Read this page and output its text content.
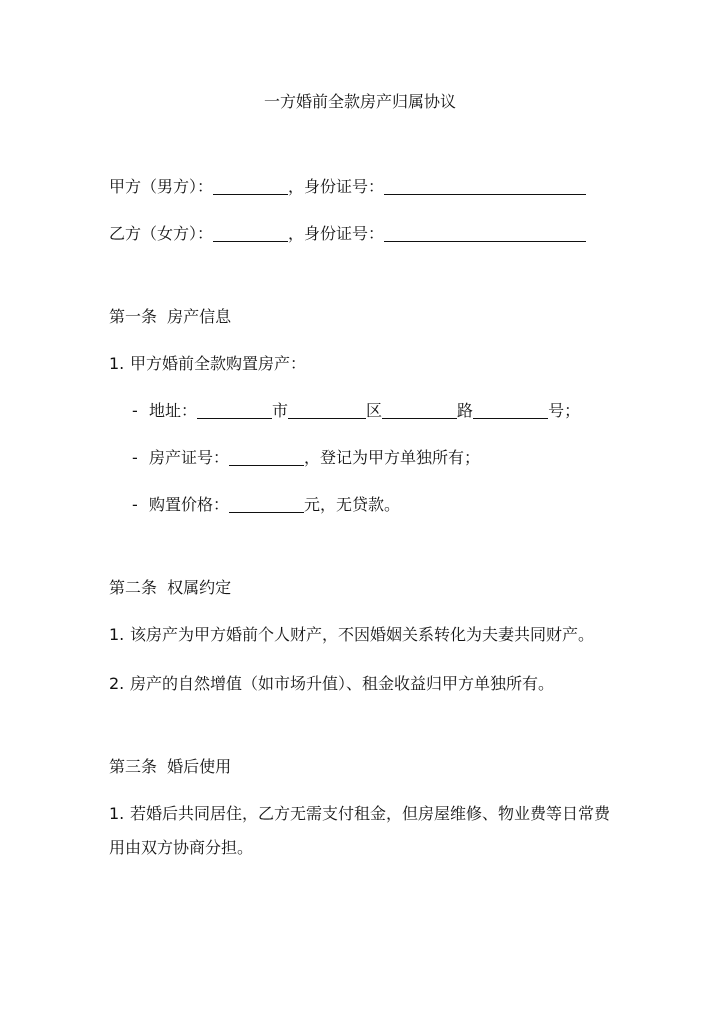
一方婚前全款房产归属协议
甲方（男方）：	，身份证号：
乙方（女方）：	，身份证号：
第一条  房产信息
1. 甲方婚前全款购置房产：
- 地址：	市	区	路	号；
- 房产证号：	，登记为甲方单独所有；
- 购置价格：	元，无贷款。
第二条  权属约定
1. 该房产为甲方婚前个人财产，不因婚姻关系转化为夫妻共同财产。
2. 房产的自然增值（如市场升值）、租金收益归甲方单独所有。
第三条  婚后使用
1. 若婚后共同居住，乙方无需支付租金，但房屋维修、物业费等日常费用由双方协商分担。
